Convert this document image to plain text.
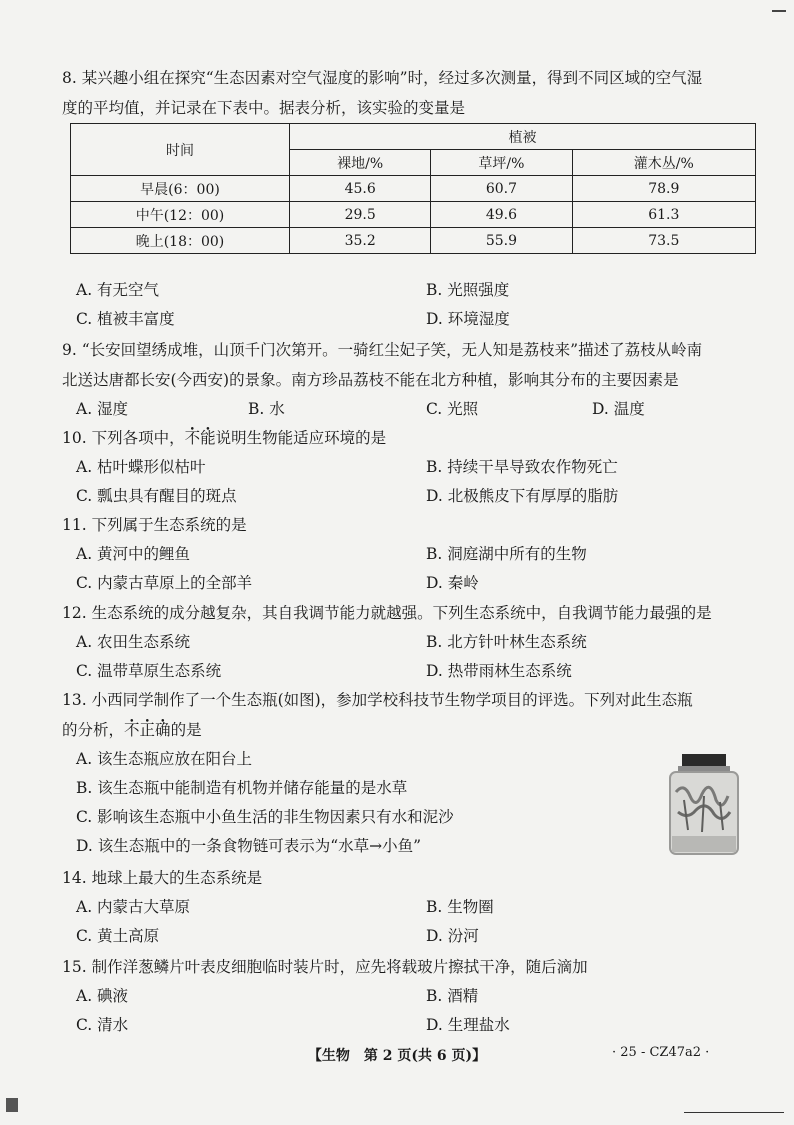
8. 某兴趣小组在探究“生态因素对空气湿度的影响”时，经过多次测量，得到不同区域的空气湿
度的平均值，并记录在下表中。据表分析，该实验的变量是
时间	植被		
	裸地/%	草坪/%	灌木丛/%
早晨(6：00)	45.6	60.7	78.9
中午(12：00)	29.5	49.6	61.3
晚上(18：00)	35.2	55.9	73.5
A. 有无空气	B. 光照强度
C. 植被丰富度	D. 环境湿度
9. “长安回望绣成堆，山顶千门次第开。一骑红尘妃子笑，无人知是荔枝来”描述了荔枝从岭南
北送达唐都长安(今西安)的景象。南方珍品荔枝不能在北方种植，影响其分布的主要因素是
A. 湿度	B. 水	C. 光照	D. 温度
10. 下列各项中，不能说明生物能适应环境的是
A. 枯叶蝶形似枯叶	B. 持续干旱导致农作物死亡
C. 瓢虫具有醒目的斑点	D. 北极熊皮下有厚厚的脂肪
11. 下列属于生态系统的是
A. 黄河中的鲤鱼	B. 洞庭湖中所有的生物
C. 内蒙古草原上的全部羊	D. 秦岭
12. 生态系统的成分越复杂，其自我调节能力就越强。下列生态系统中，自我调节能力最强的是
A. 农田生态系统	B. 北方针叶林生态系统
C. 温带草原生态系统	D. 热带雨林生态系统
13. 小西同学制作了一个生态瓶(如图)，参加学校科技节生物学项目的评选。下列对此生态瓶
的分析，不正确的是
A. 该生态瓶应放在阳台上
B. 该生态瓶中能制造有机物并储存能量的是水草
C. 影响该生态瓶中小鱼生活的非生物因素只有水和泥沙
D. 该生态瓶中的一条食物链可表示为“水草→小鱼”
14. 地球上最大的生态系统是
A. 内蒙古大草原	B. 生物圈
C. 黄土高原	D. 汾河
15. 制作洋葱鳞片叶表皮细胞临时装片时，应先将载玻片擦拭干净，随后滴加
A. 碘液	B. 酒精
C. 清水	D. 生理盐水
【生物　第 2 页(共 6 页)】	· 25 - CZ47a2 ·
